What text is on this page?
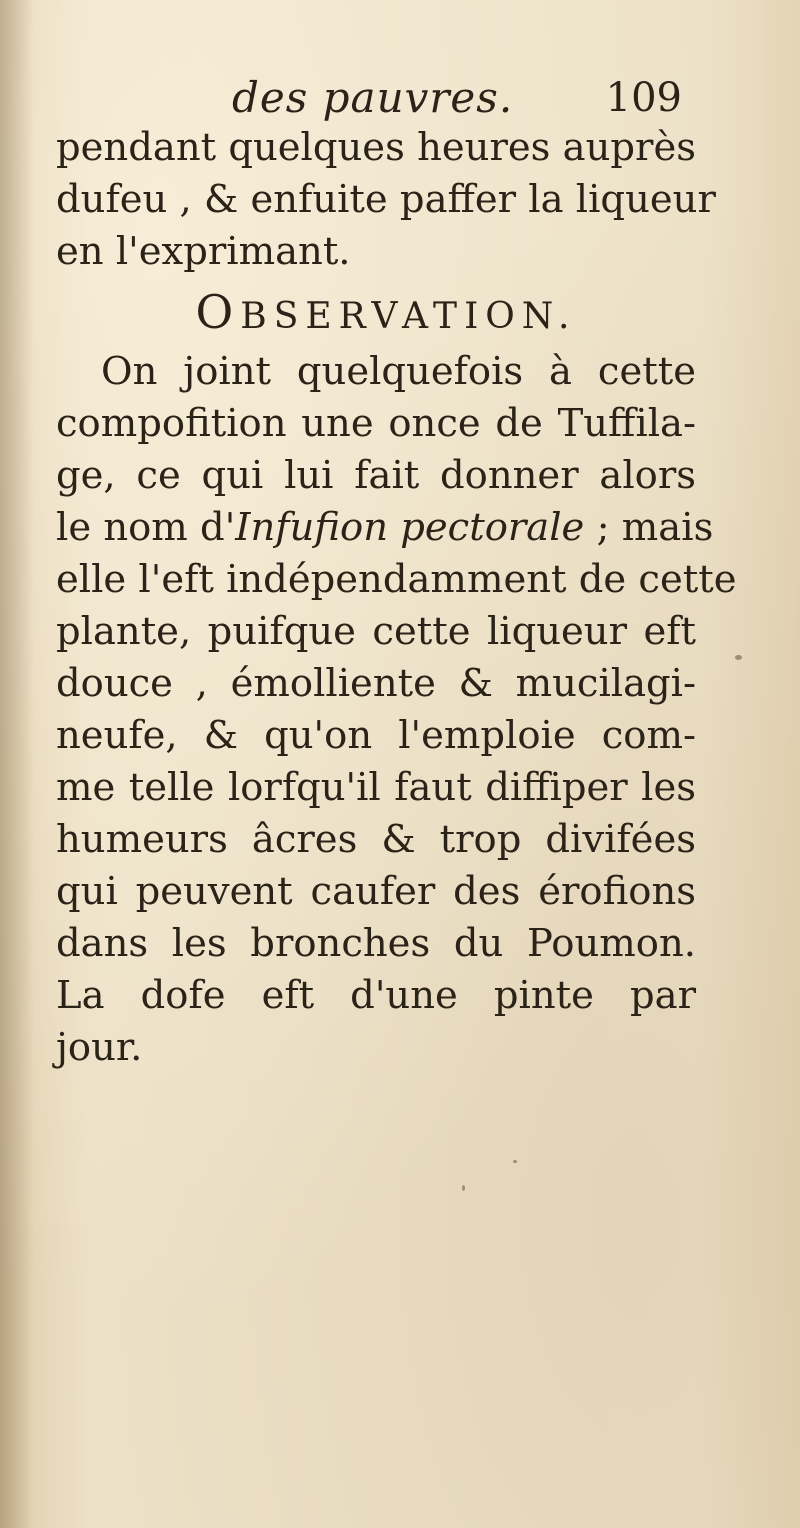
des pauvres. 109
pendant quelques heures auprès
dufeu , & enfuite paffer la liqueur
en l'exprimant.
OBSERVATION.
On joint quelquefois à cette
compofition une once de Tuffila-
ge, ce qui lui fait donner alors
le nom d'Infufion pectorale ; mais
elle l'eft indépendamment de cette
plante, puifque cette liqueur eft
douce , émolliente & mucilagi-
neufe, & qu'on l'emploie com-
me telle lorfqu'il faut diffiper les
humeurs âcres & trop divifées
qui peuvent caufer des érofions
dans les bronches du Poumon.
La dofe eft d'une pinte par
jour.
